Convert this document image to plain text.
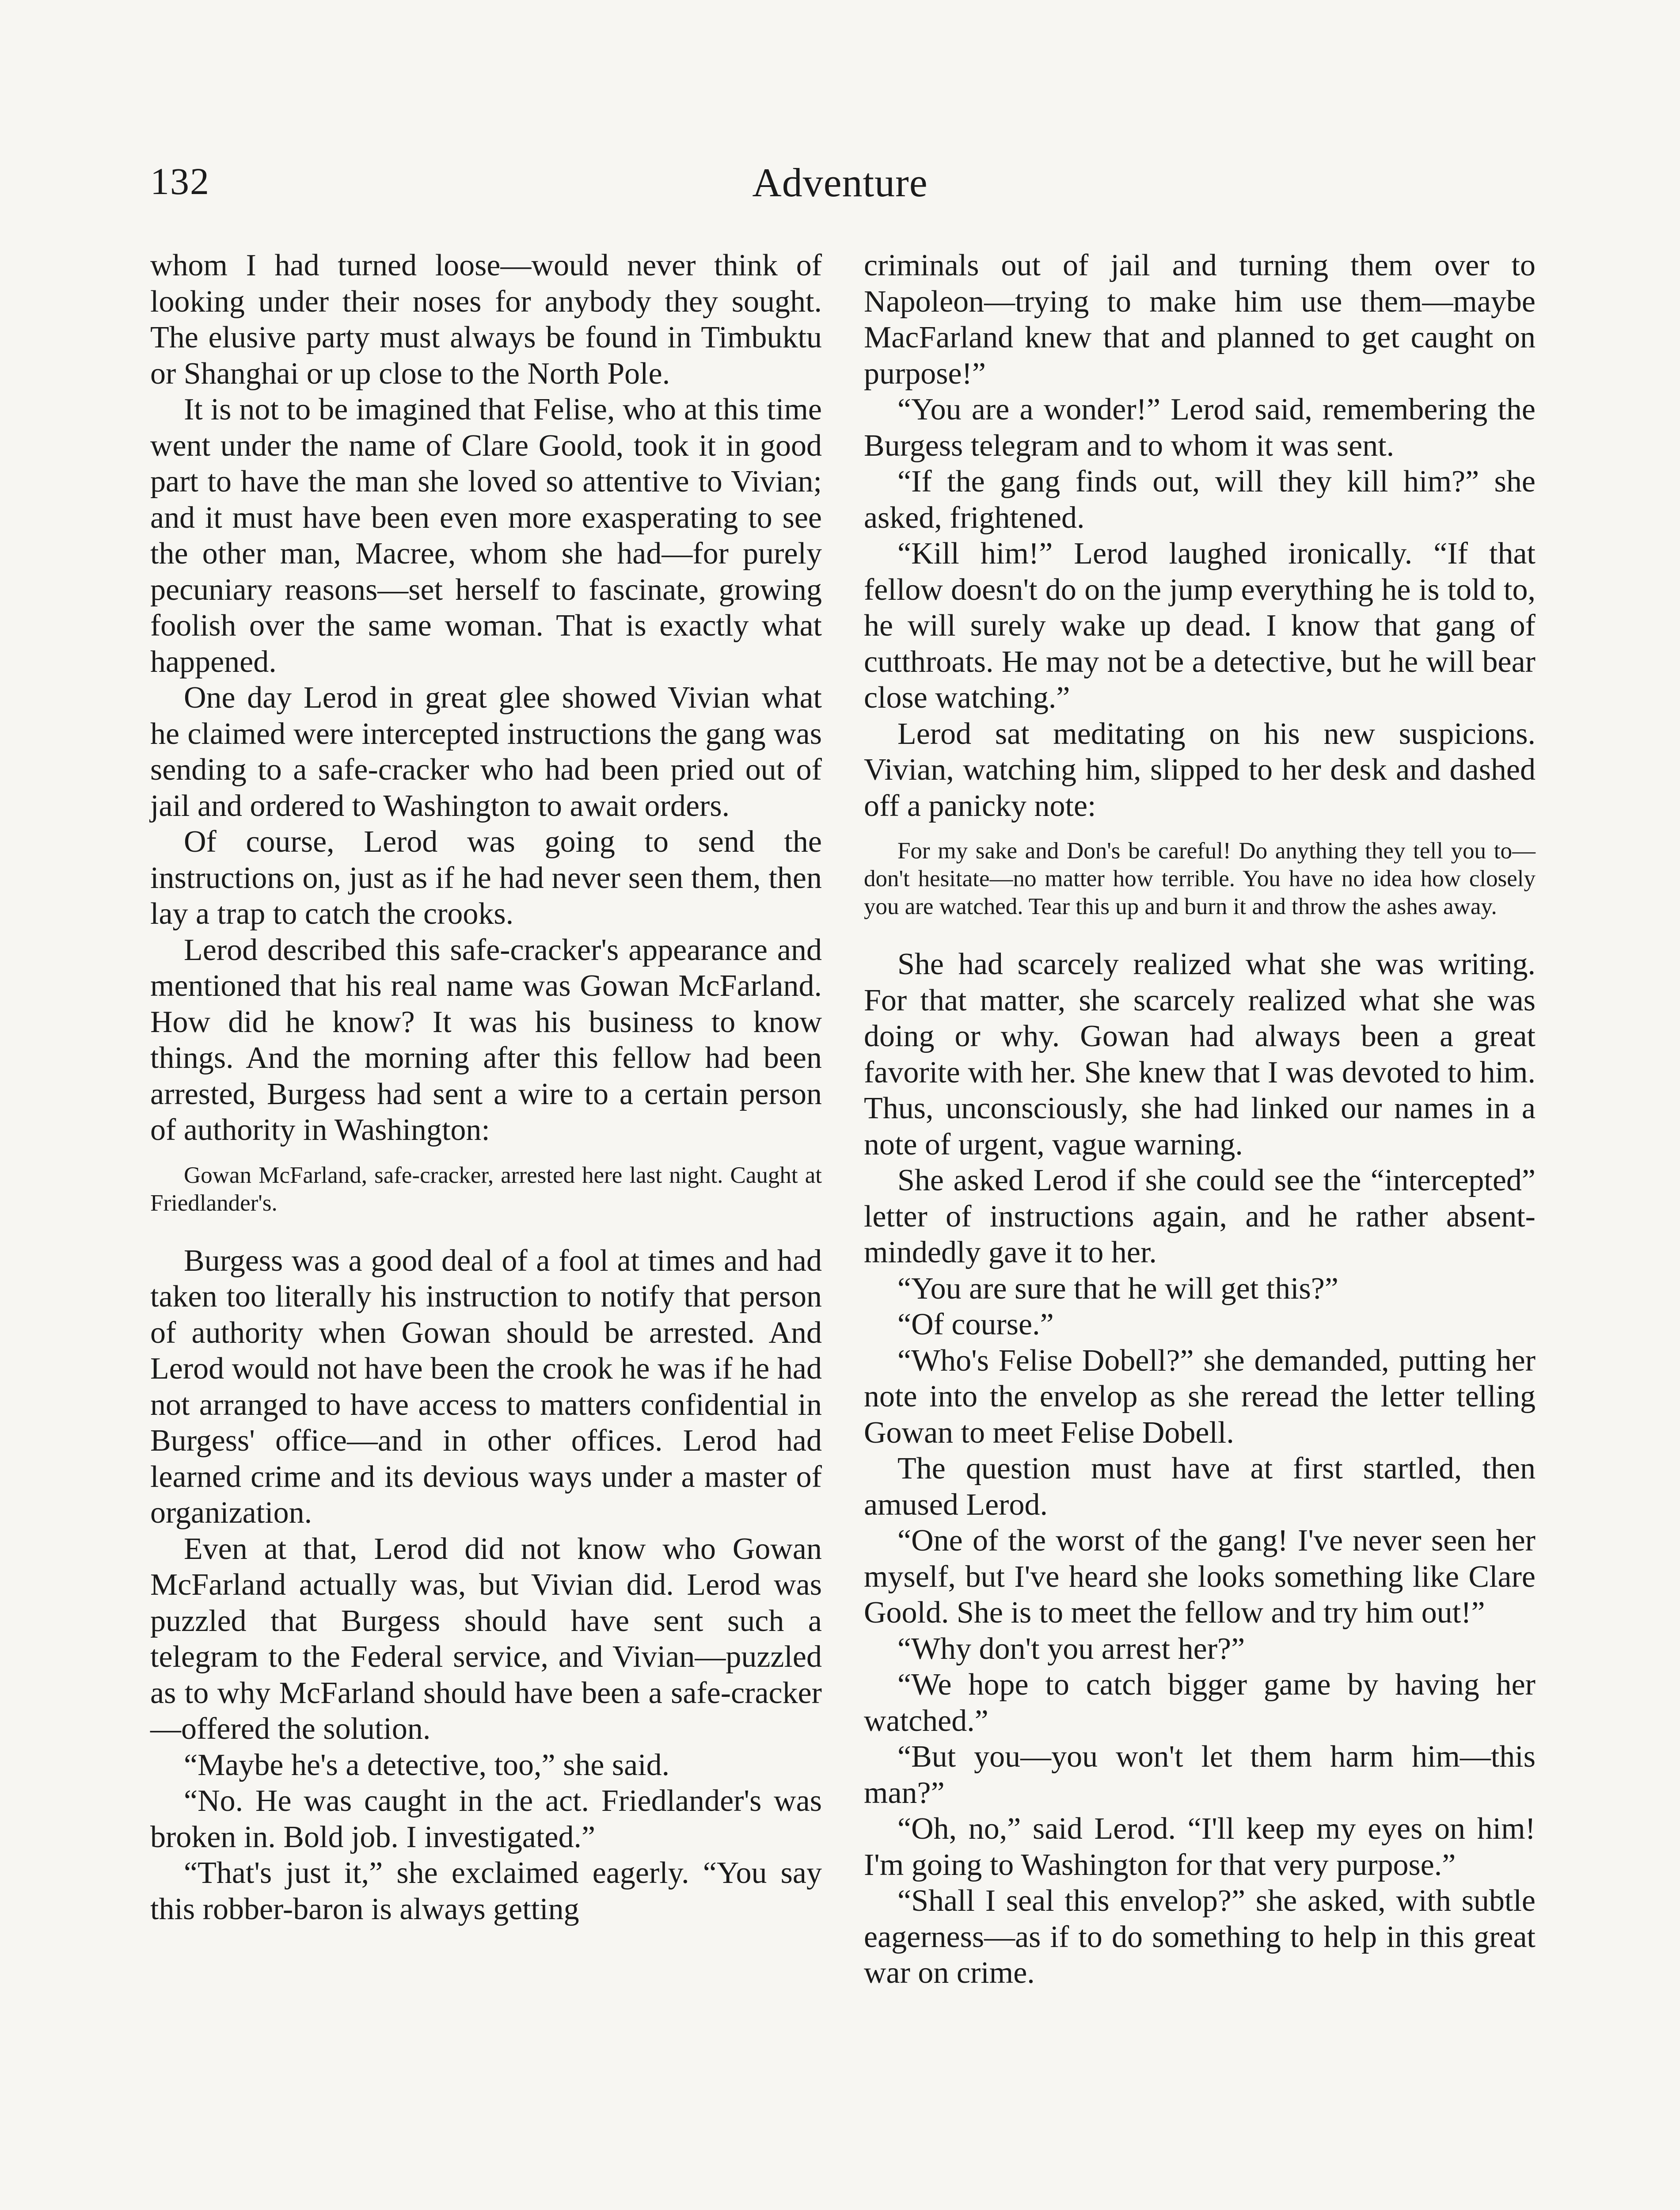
132	Adventure

whom I had turned loose—would never think of looking under their noses for anybody they sought. The elusive party must always be found in Timbuktu or Shanghai or up close to the North Pole.

It is not to be imagined that Felise, who at this time went under the name of Clare Goold, took it in good part to have the man she loved so attentive to Vivian; and it must have been even more exasperating to see the other man, Macree, whom she had—for purely pecuniary reasons—set herself to fascinate, growing foolish over the same woman. That is exactly what happened.

One day Lerod in great glee showed Vivian what he claimed were intercepted instructions the gang was sending to a safe-cracker who had been pried out of jail and ordered to Washington to await orders.

Of course, Lerod was going to send the instructions on, just as if he had never seen them, then lay a trap to catch the crooks.

Lerod described this safe-cracker's appearance and mentioned that his real name was Gowan McFarland. How did he know? It was his business to know things. And the morning after this fellow had been arrested, Burgess had sent a wire to a certain person of authority in Washington:

Gowan McFarland, safe-cracker, arrested here last night. Caught at Friedlander's.

Burgess was a good deal of a fool at times and had taken too literally his instruction to notify that person of authority when Gowan should be arrested. And Lerod would not have been the crook he was if he had not arranged to have access to matters confidential in Burgess' office—and in other offices. Lerod had learned crime and its devious ways under a master of organization.

Even at that, Lerod did not know who Gowan McFarland actually was, but Vivian did. Lerod was puzzled that Burgess should have sent such a telegram to the Federal service, and Vivian—puzzled as to why McFarland should have been a safe-cracker—offered the solution.

“Maybe he's a detective, too,” she said.

“No. He was caught in the act. Friedlander's was broken in. Bold job. I investigated.”

“That's just it,” she exclaimed eagerly. “You say this robber-baron is always getting

criminals out of jail and turning them over to Napoleon—trying to make him use them—maybe MacFarland knew that and planned to get caught on purpose!”

“You are a wonder!” Lerod said, remembering the Burgess telegram and to whom it was sent.

“If the gang finds out, will they kill him?” she asked, frightened.

“Kill him!” Lerod laughed ironically. “If that fellow doesn't do on the jump everything he is told to, he will surely wake up dead. I know that gang of cutthroats. He may not be a detective, but he will bear close watching.”

Lerod sat meditating on his new suspicions. Vivian, watching him, slipped to her desk and dashed off a panicky note:

For my sake and Don's be careful! Do anything they tell you to—don't hesitate—no matter how terrible. You have no idea how closely you are watched. Tear this up and burn it and throw the ashes away.

She had scarcely realized what she was writing. For that matter, she scarcely realized what she was doing or why. Gowan had always been a great favorite with her. She knew that I was devoted to him. Thus, unconsciously, she had linked our names in a note of urgent, vague warning.

She asked Lerod if she could see the “intercepted” letter of instructions again, and he rather absent-mindedly gave it to her.

“You are sure that he will get this?”

“Of course.”

“Who's Felise Dobell?” she demanded, putting her note into the envelop as she reread the letter telling Gowan to meet Felise Dobell.

The question must have at first startled, then amused Lerod.

“One of the worst of the gang! I've never seen her myself, but I've heard she looks something like Clare Goold. She is to meet the fellow and try him out!”

“Why don't you arrest her?”

“We hope to catch bigger game by having her watched.”

“But you—you won't let them harm him—this man?”

“Oh, no,” said Lerod. “I'll keep my eyes on him! I'm going to Washington for that very purpose.”

“Shall I seal this envelop?” she asked, with subtle eagerness—as if to do something to help in this great war on crime.
